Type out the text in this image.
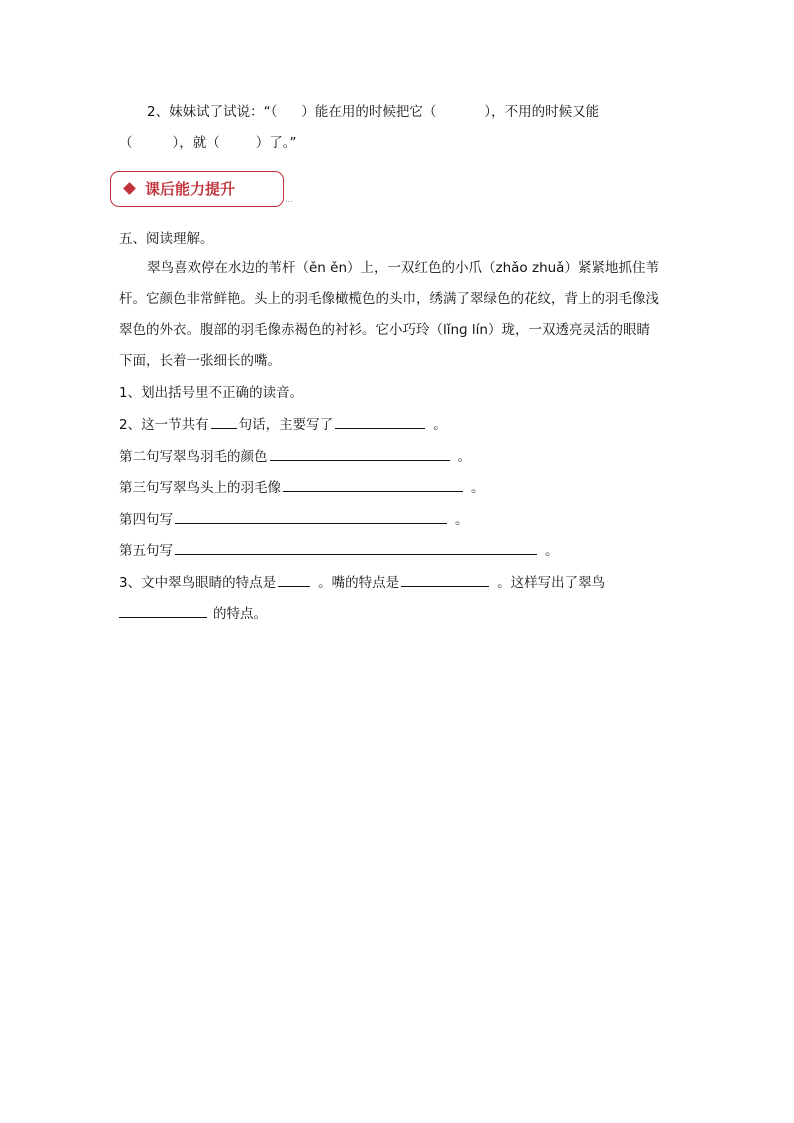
2、妹妹试了试说：“（ ）能在用的时候把它（	），不用的时候又能
（	），就（	）了。”
课后能力提升
...
五、阅读理解。
翠鸟喜欢停在水边的苇杆（ěn ěn）上，一双红色的小爪（zhǎo zhuǎ）紧紧地抓住苇
杆。它颜色非常鲜艳。头上的羽毛像橄榄色的头巾，绣满了翠绿色的花纹，背上的羽毛像浅
翠色的外衣。腹部的羽毛像赤褐色的衬衫。它小巧玲（lǐnɡ lín）珑，一双透亮灵活的眼睛
下面，长着一张细长的嘴。
1、划出括号里不正确的读音。
2、这一节共有 句话，主要写了	。
第二句写翠鸟羽毛的颜色	。
第三句写翠鸟头上的羽毛像	。
第四句写	。
第五句写	。
3、文中翠鸟眼睛的特点是	。嘴的特点是	。这样写出了翠鸟
的特点。
